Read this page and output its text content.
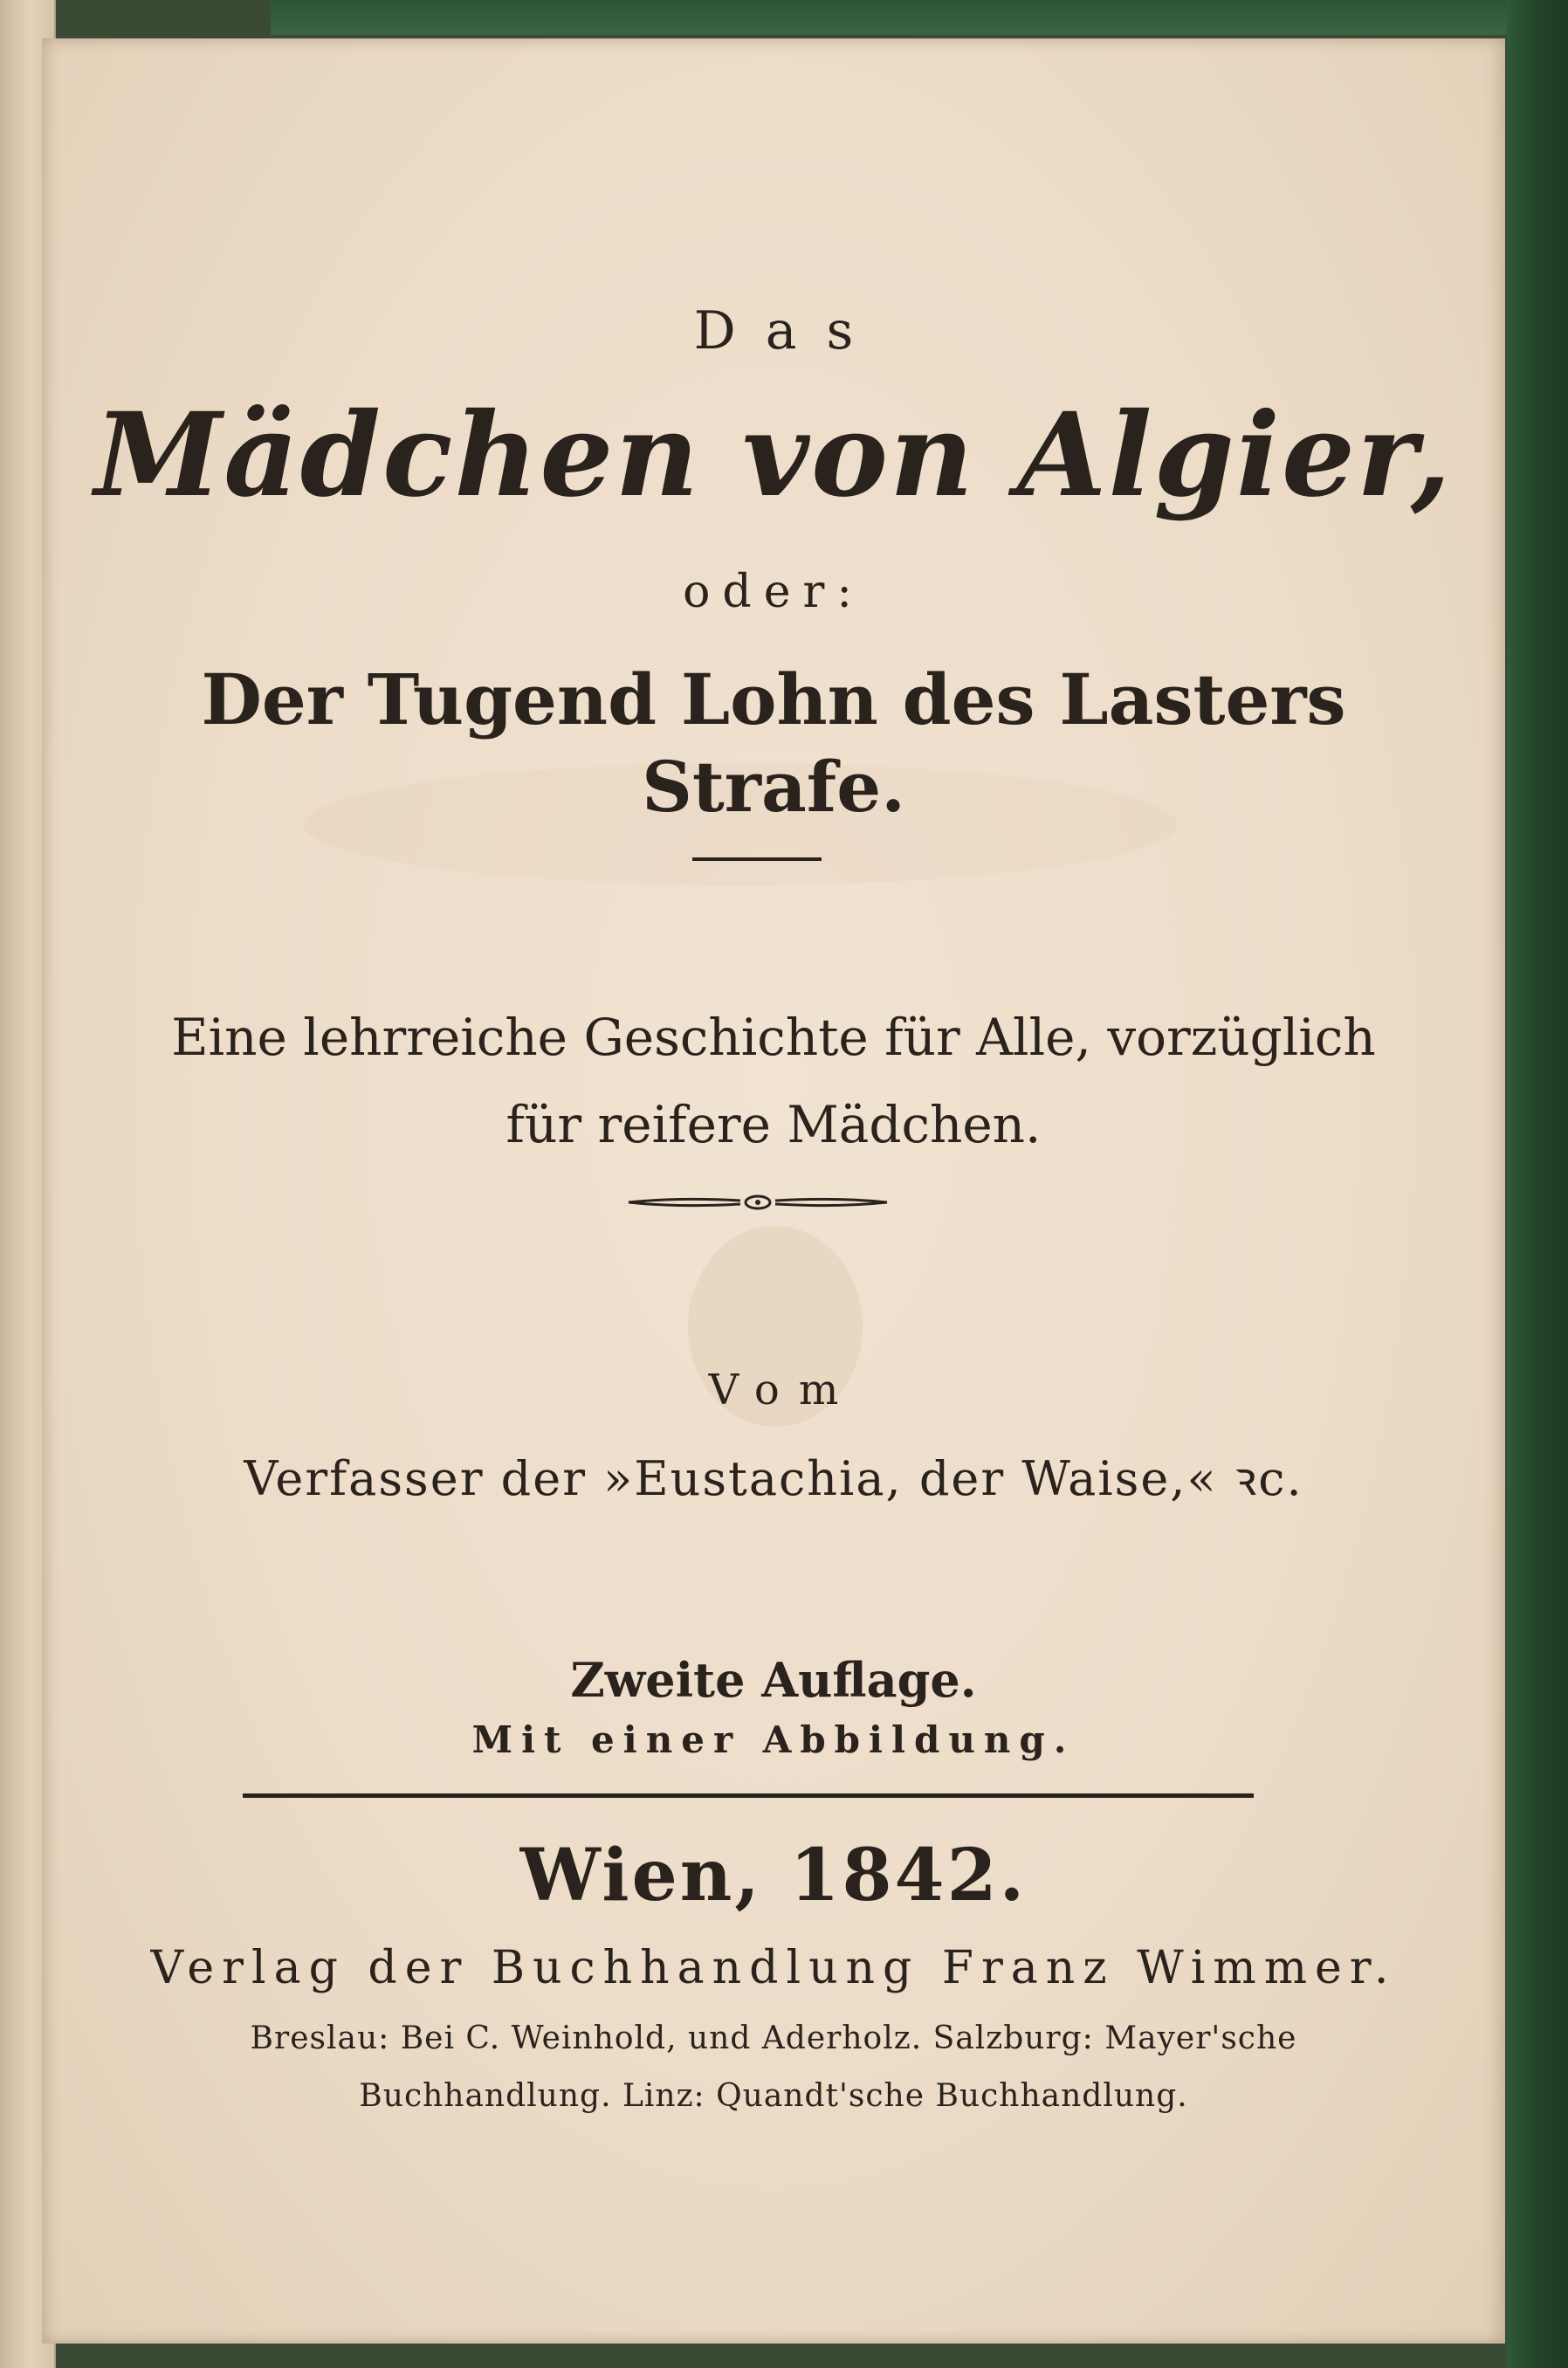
Das
Mädchen von Algier,
oder:
Der Tugend Lohn des Lasters
Strafe.
Eine lehrreiche Geschichte für Alle, vorzüglich
für reifere Mädchen.
Vom
Verfasser der »Eustachia, der Waise,« ꝛc.
Zweite Auflage.
Mit einer Abbildung.
Wien, 1842.
Verlag der Buchhandlung Franz Wimmer.
Breslau: Bei C. Weinhold, und Aderholz. Salzburg: Mayer'sche
Buchhandlung. Linz: Quandt'sche Buchhandlung.
